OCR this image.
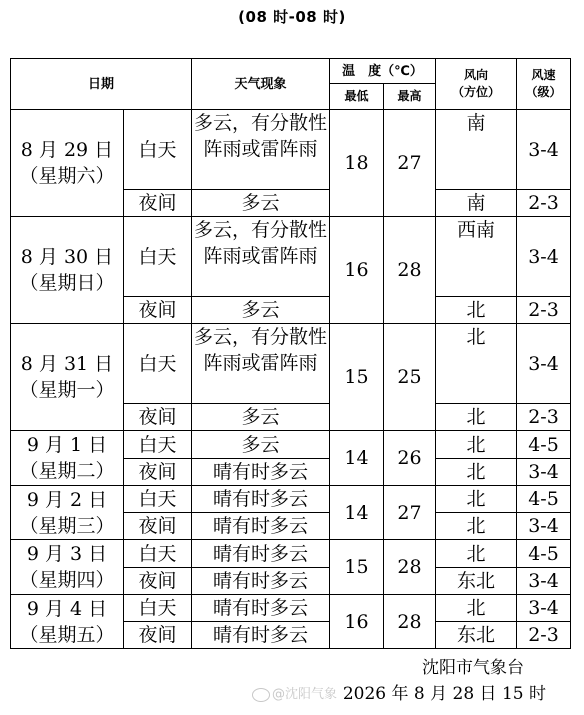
(08 时-08 时)
日期		天气现象	温　度（℃）		风向
（方位）	风速
（级）
			最低	最高		
8 月 29 日
（星期六）	白天	多云，有分散性阵雨或雷阵雨	18	27	南	3-4
	夜间	多云			南	2-3
8 月 30 日
（星期日）	白天	多云，有分散性阵雨或雷阵雨	16	28	西南	3-4
	夜间	多云			北	2-3
8 月 31 日
（星期一）	白天	多云，有分散性阵雨或雷阵雨	15	25	北	3-4
	夜间	多云			北	2-3
9 月 1 日
（星期二）	白天	多云	14	26	北	4-5
	夜间	晴有时多云			北	3-4
9 月 2 日
（星期三）	白天	晴有时多云	14	27	北	4-5
	夜间	晴有时多云			北	3-4
9 月 3 日
（星期四）	白天	晴有时多云	15	28	北	4-5
	夜间	晴有时多云			东北	3-4
9 月 4 日
（星期五）	白天	晴有时多云	16	28	北	3-4
	夜间	晴有时多云			东北	2-3
沈阳市气象台
2026 年 8 月 28 日 15 时
@沈阳气象
